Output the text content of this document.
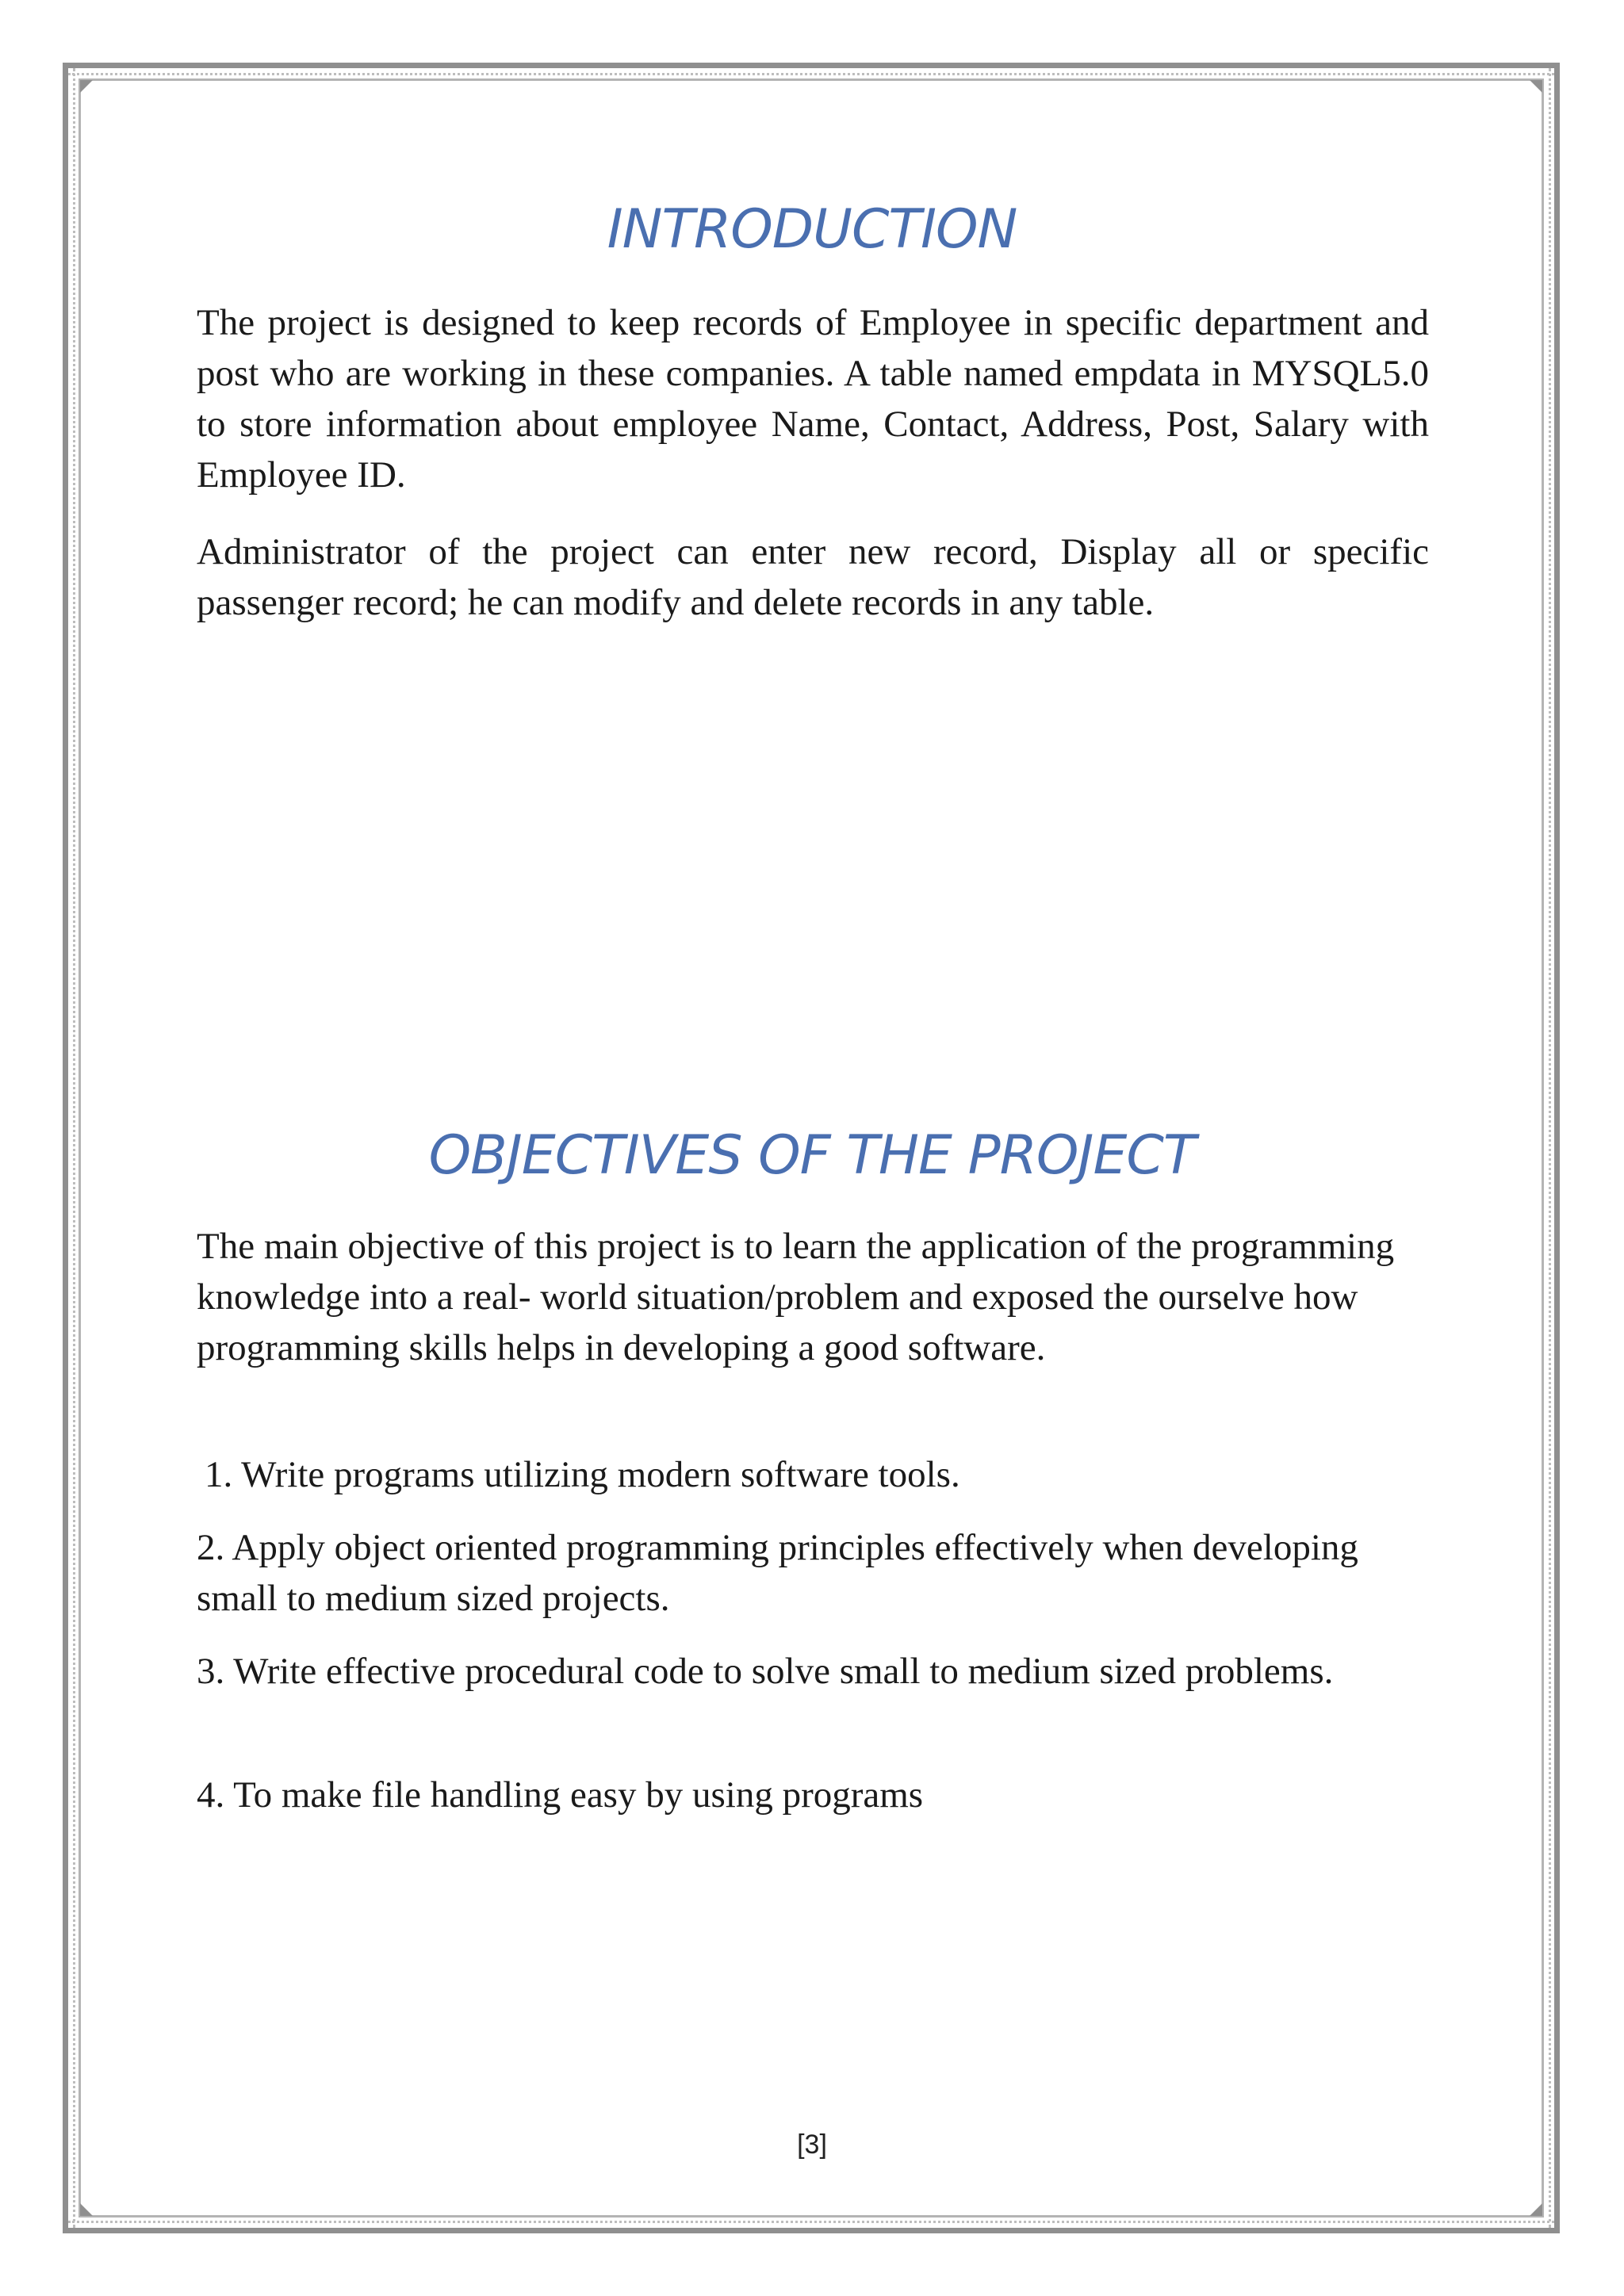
INTRODUCTION

The project is designed to keep records of Employee in specific department and post who are working in these companies. A table named empdata in MYSQL5.0 to store information about employee Name, Contact, Address, Post, Salary with Employee ID.

Administrator of the project can enter new record, Display all or specific passenger record; he can modify and delete records in any table.

OBJECTIVES OF THE PROJECT

The main objective of this project is to learn the application of the programming knowledge into a real- world situation/problem and exposed the ourselve how programming skills helps in developing a good software.

1. Write programs utilizing modern software tools.

2. Apply object oriented programming principles effectively when developing small to medium sized projects.

3. Write effective procedural code to solve small to medium sized problems.

4. To make file handling easy by using programs

[3]
